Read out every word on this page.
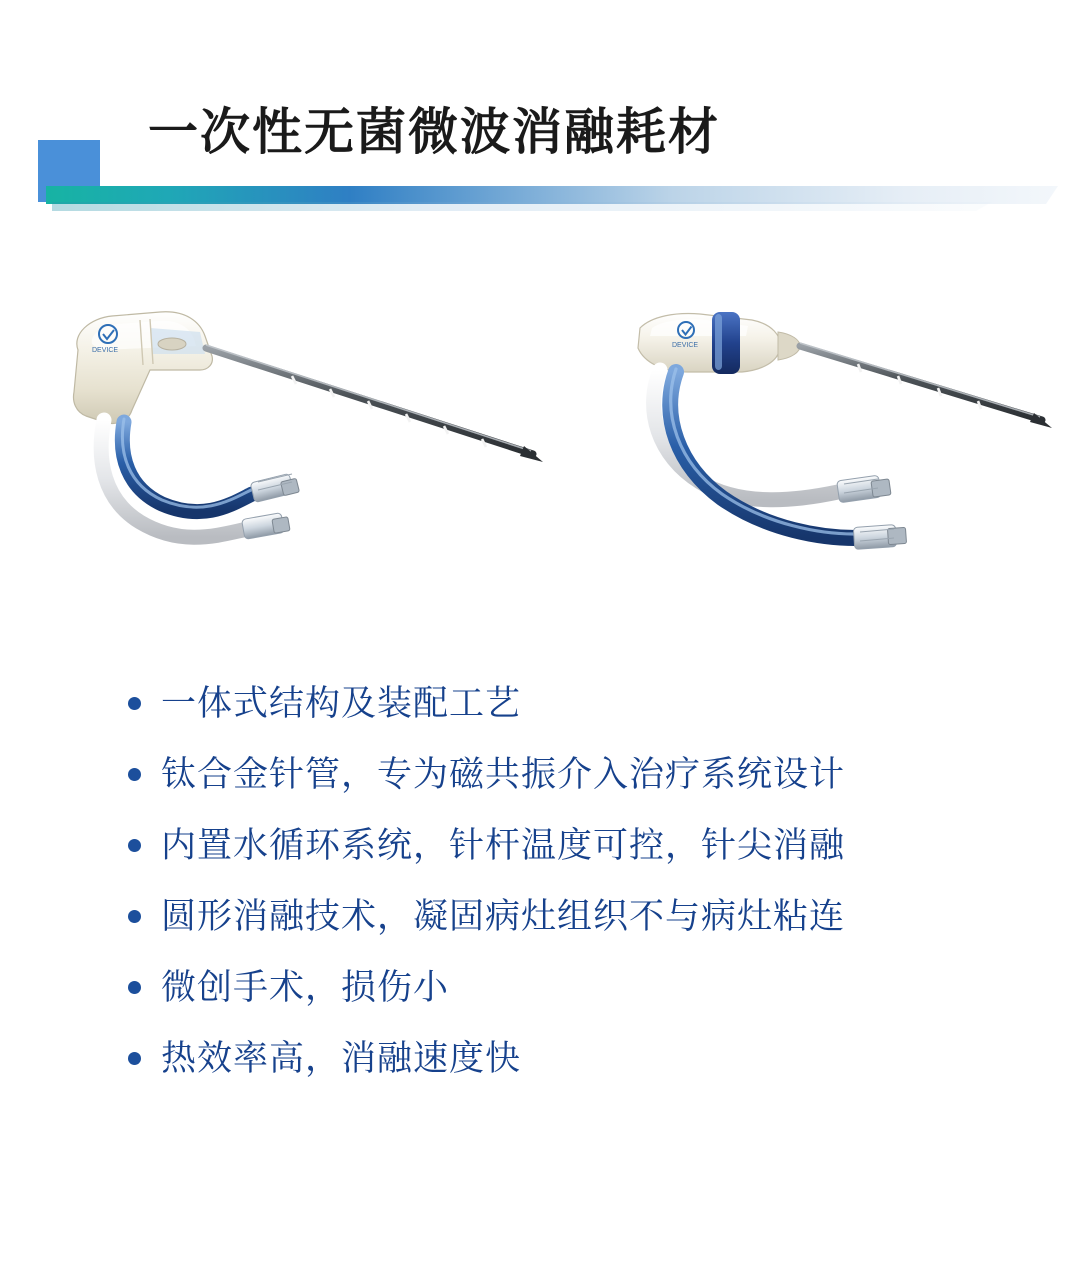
一次性无菌微波消融耗材
DEVICE
DEVICE
一体式结构及装配工艺
钛合金针管，专为磁共振介入治疗系统设计
内置水循环系统，针杆温度可控，针尖消融
圆形消融技术，凝固病灶组织不与病灶粘连
微创手术，损伤小
热效率高，消融速度快
